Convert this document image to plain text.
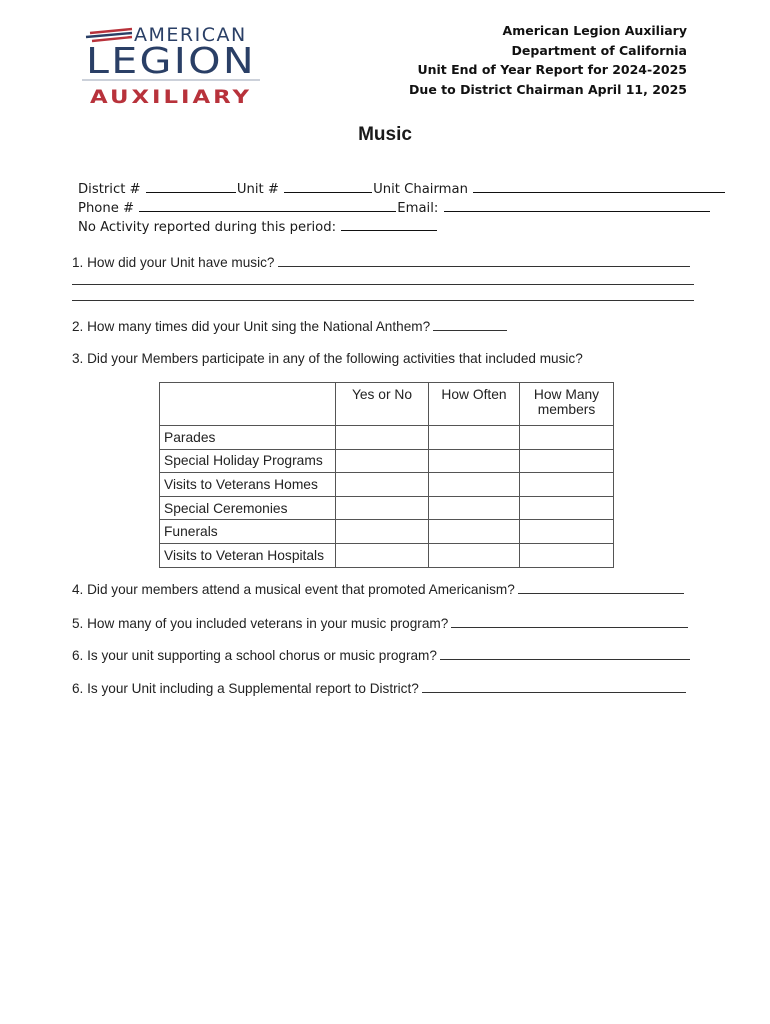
AMERICAN
LEGION
AUXILIARY
American Legion Auxiliary
Department of California
Unit End of Year Report for 2024-2025
Due to District Chairman April 11, 2025
Music
District #	Unit #	Unit Chairman
Phone #	Email:
No Activity reported during this period:
1. How did your Unit have music?
2. How many times did your Unit sing the National Anthem?
3. Did your Members participate in any of the following activities that included music?
	Yes or No	How Often	How Many members
Parades			
Special Holiday Programs			
Visits to Veterans Homes			
Special Ceremonies			
Funerals			
Visits to Veteran Hospitals			
4. Did your members attend a musical event that promoted Americanism?
5. How many of you included veterans in your music program?
6. Is your unit supporting a school chorus or music program?
6. Is your Unit including a Supplemental report to District?
